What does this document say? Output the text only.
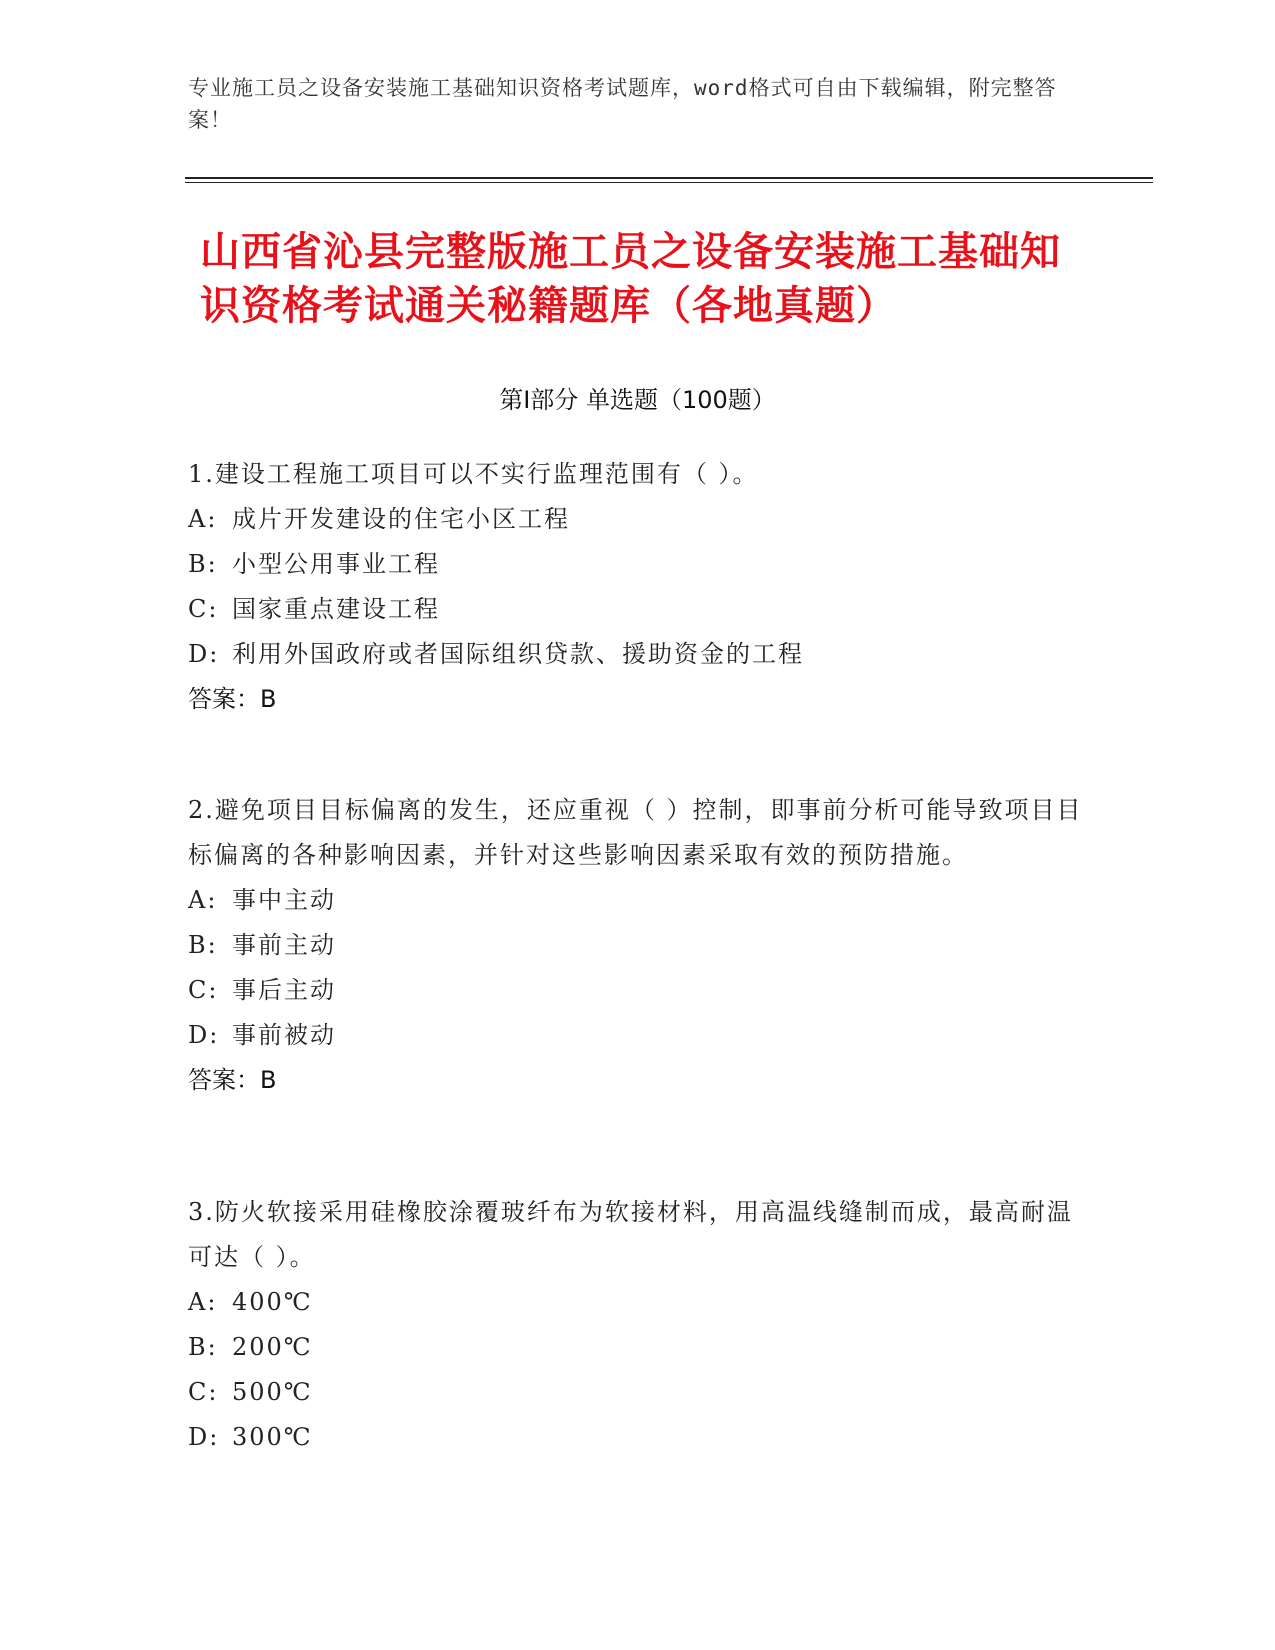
专业施工员之设备安装施工基础知识资格考试题库，word格式可自由下载编辑，附完整答案！
山西省沁县完整版施工员之设备安装施工基础知识资格考试通关秘籍题库（各地真题）
第Ⅰ部分 单选题（100题）
1.建设工程施工项目可以不实行监理范围有（ ）。
A: 成片开发建设的住宅小区工程
B: 小型公用事业工程
C: 国家重点建设工程
D: 利用外国政府或者国际组织贷款、援助资金的工程
答案：B
2.避免项目目标偏离的发生，还应重视（ ）控制，即事前分析可能导致项目目标偏离的各种影响因素，并针对这些影响因素采取有效的预防措施。
A: 事中主动
B: 事前主动
C: 事后主动
D: 事前被动
答案：B
3.防火软接采用硅橡胶涂覆玻纤布为软接材料，用高温线缝制而成，最高耐温可达（ ）。
A: 400℃
B: 200℃
C: 500℃
D: 300℃
